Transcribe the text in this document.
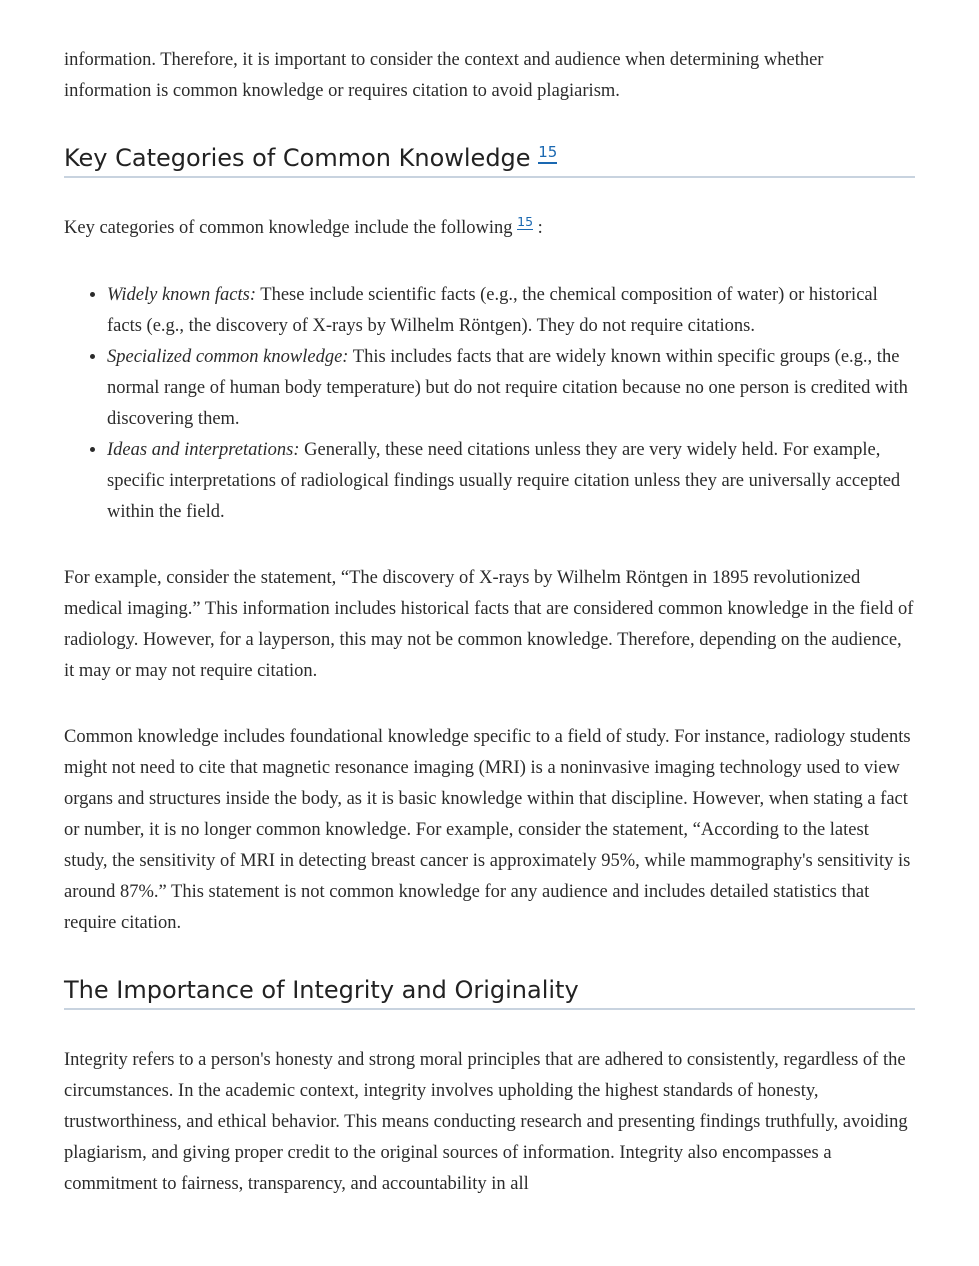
information. Therefore, it is important to consider the context and audience when determining whether information is common knowledge or requires citation to avoid plagiarism.

Key Categories of Common Knowledge $^{15}$

Key categories of common knowledge include the following $^{15}$ :

• Widely known facts: These include scientific facts (e.g., the chemical composition of water) or historical facts (e.g., the discovery of X-rays by Wilhelm Röntgen). They do not require citations.
• Specialized common knowledge: This includes facts that are widely known within specific groups (e.g., the normal range of human body temperature) but do not require citation because no one person is credited with discovering them.
• Ideas and interpretations: Generally, these need citations unless they are very widely held. For example, specific interpretations of radiological findings usually require citation unless they are universally accepted within the field.

For example, consider the statement, “The discovery of X-rays by Wilhelm Röntgen in 1895 revolutionized medical imaging.” This information includes historical facts that are considered common knowledge in the field of radiology. However, for a layperson, this may not be common knowledge. Therefore, depending on the audience, it may or may not require citation.

Common knowledge includes foundational knowledge specific to a field of study. For instance, radiology students might not need to cite that magnetic resonance imaging (MRI) is a noninvasive imaging technology used to view organs and structures inside the body, as it is basic knowledge within that discipline. However, when stating a fact or number, it is no longer common knowledge. For example, consider the statement, “According to the latest study, the sensitivity of MRI in detecting breast cancer is approximately 95%, while mammography's sensitivity is around 87%.” This statement is not common knowledge for any audience and includes detailed statistics that require citation.

The Importance of Integrity and Originality

Integrity refers to a person's honesty and strong moral principles that are adhered to consistently, regardless of the circumstances. In the academic context, integrity involves upholding the highest standards of honesty, trustworthiness, and ethical behavior. This means conducting research and presenting findings truthfully, avoiding plagiarism, and giving proper credit to the original sources of information. Integrity also encompasses a commitment to fairness, transparency, and accountability in all
